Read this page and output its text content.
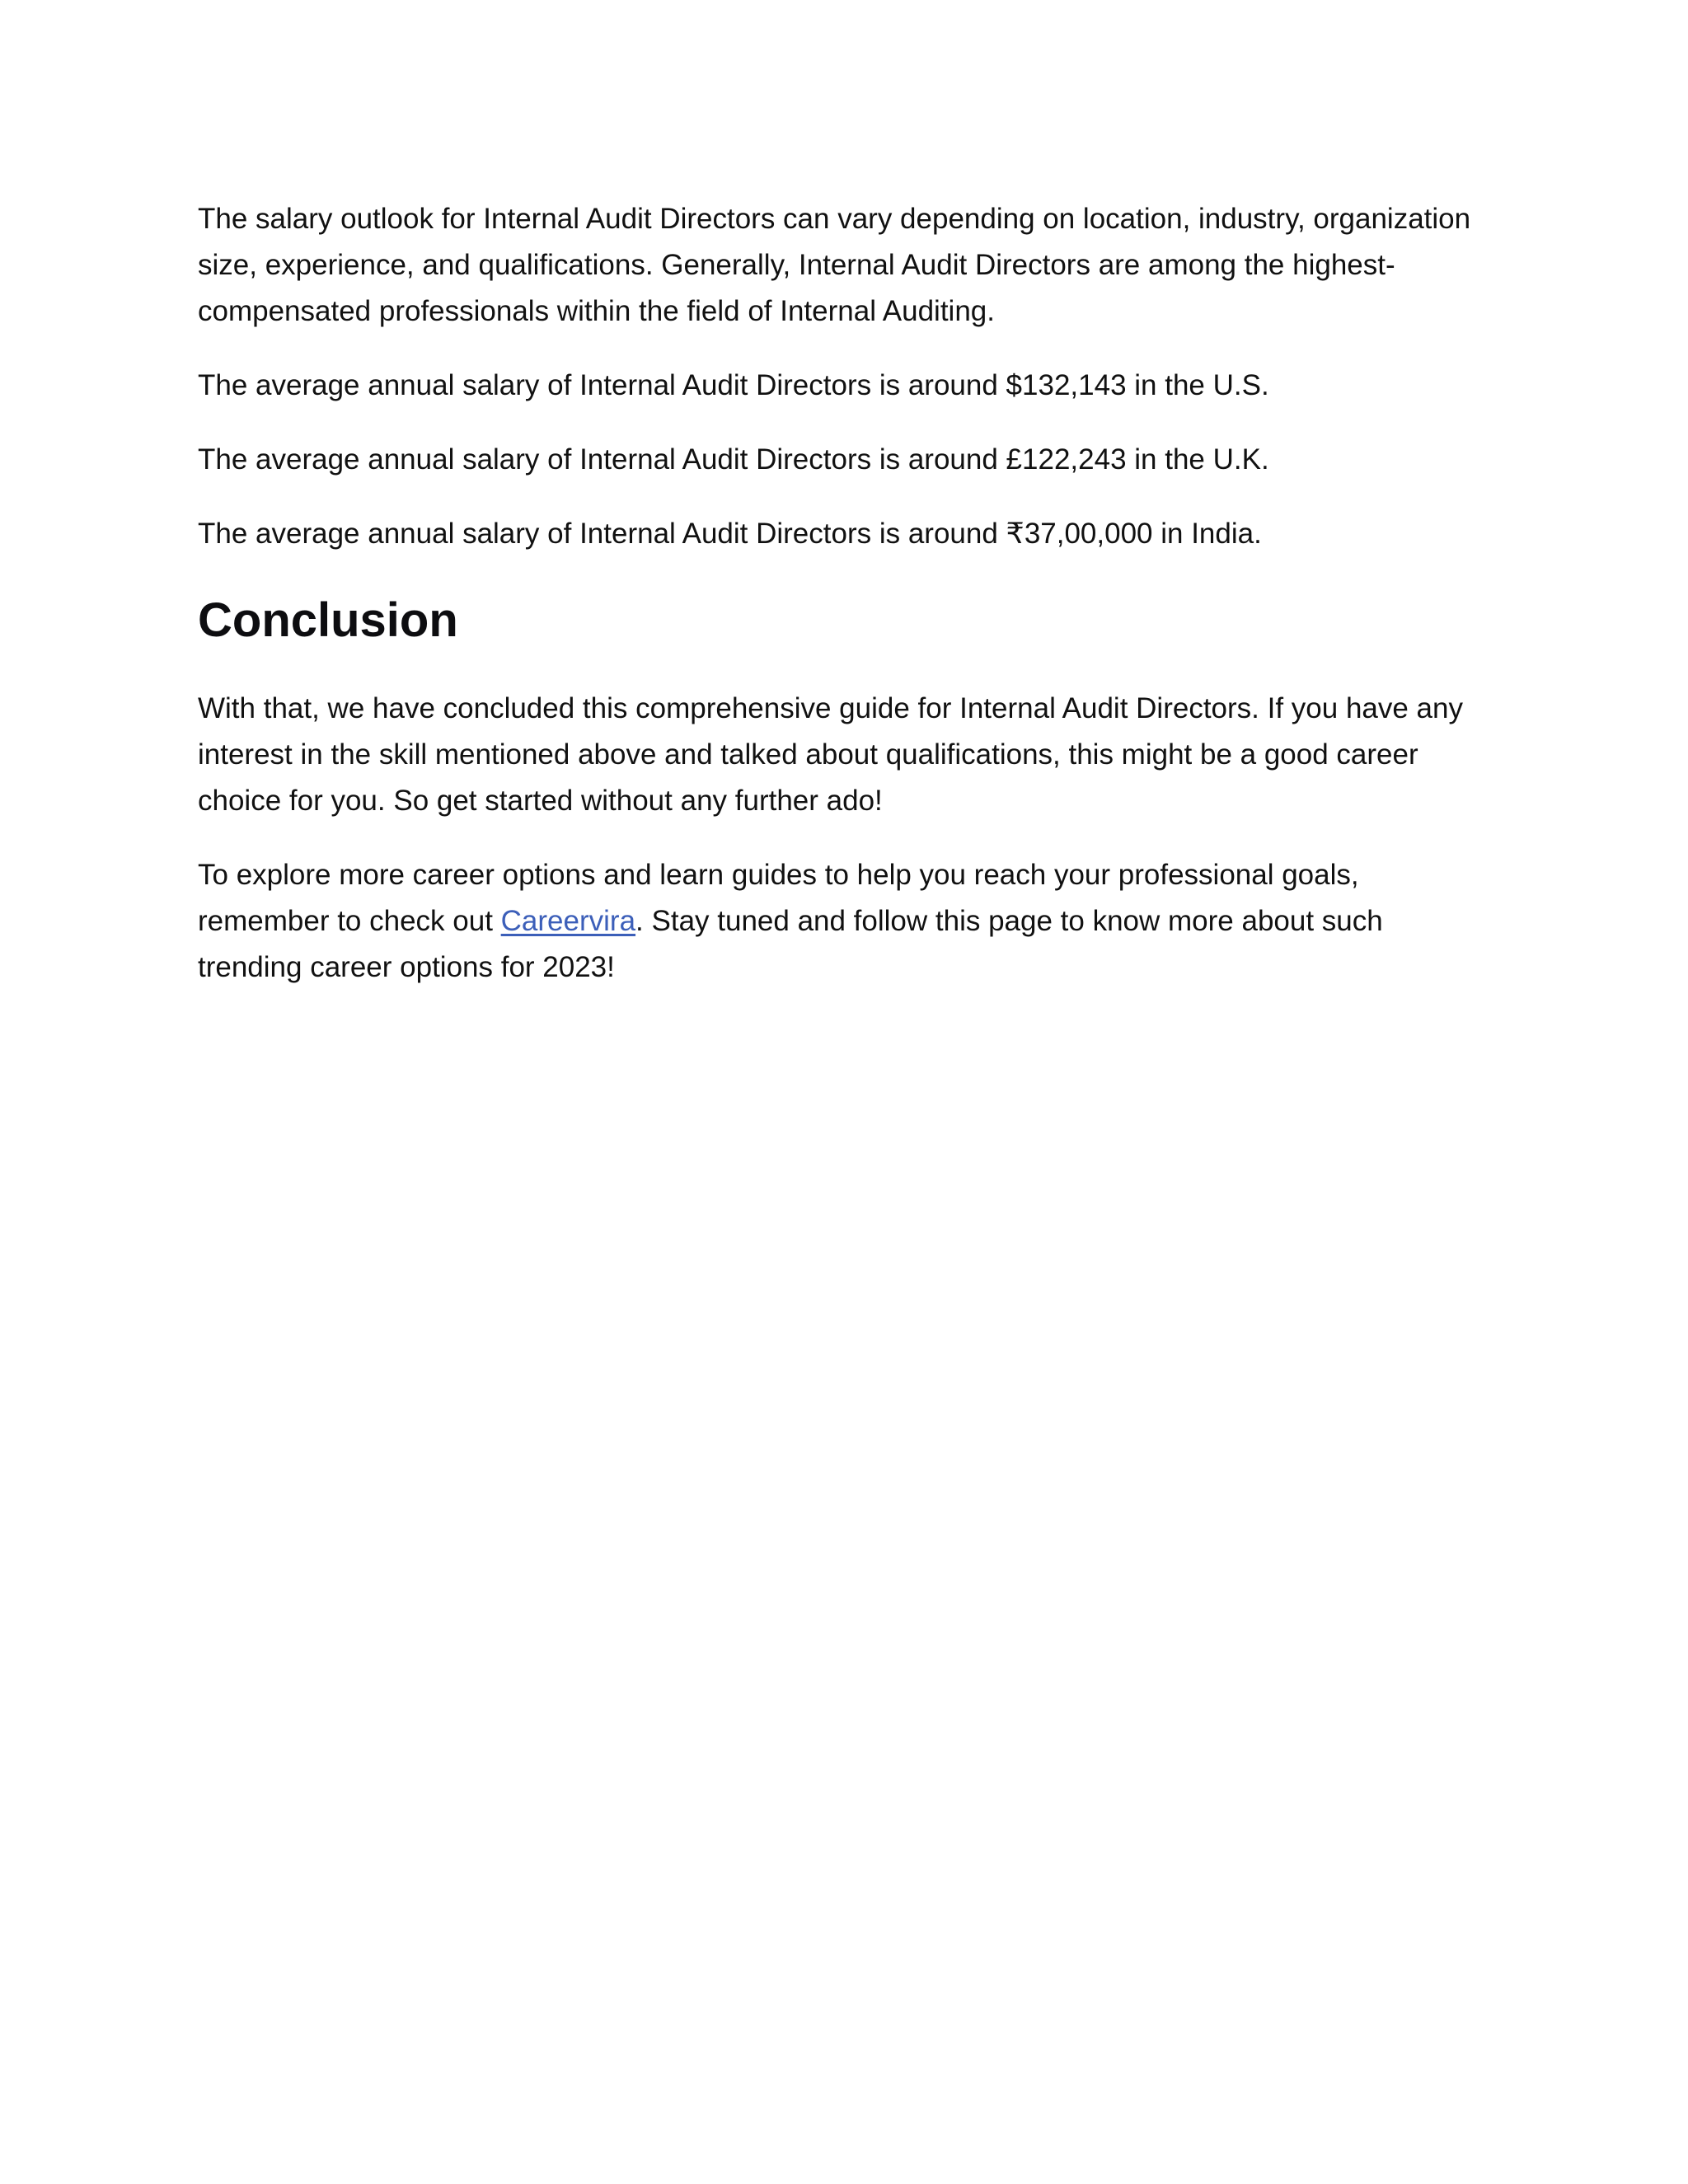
The salary outlook for Internal Audit Directors can vary depending on location, industry, organization size, experience, and qualifications. Generally, Internal Audit Directors are among the highest-compensated professionals within the field of Internal Auditing.

The average annual salary of Internal Audit Directors is around $132,143 in the U.S.

The average annual salary of Internal Audit Directors is around £122,243 in the U.K.

The average annual salary of Internal Audit Directors is around ₹37,00,000 in India.

Conclusion

With that, we have concluded this comprehensive guide for Internal Audit Directors. If you have any interest in the skill mentioned above and talked about qualifications, this might be a good career choice for you. So get started without any further ado!

To explore more career options and learn guides to help you reach your professional goals, remember to check out Careervira. Stay tuned and follow this page to know more about such trending career options for 2023!
